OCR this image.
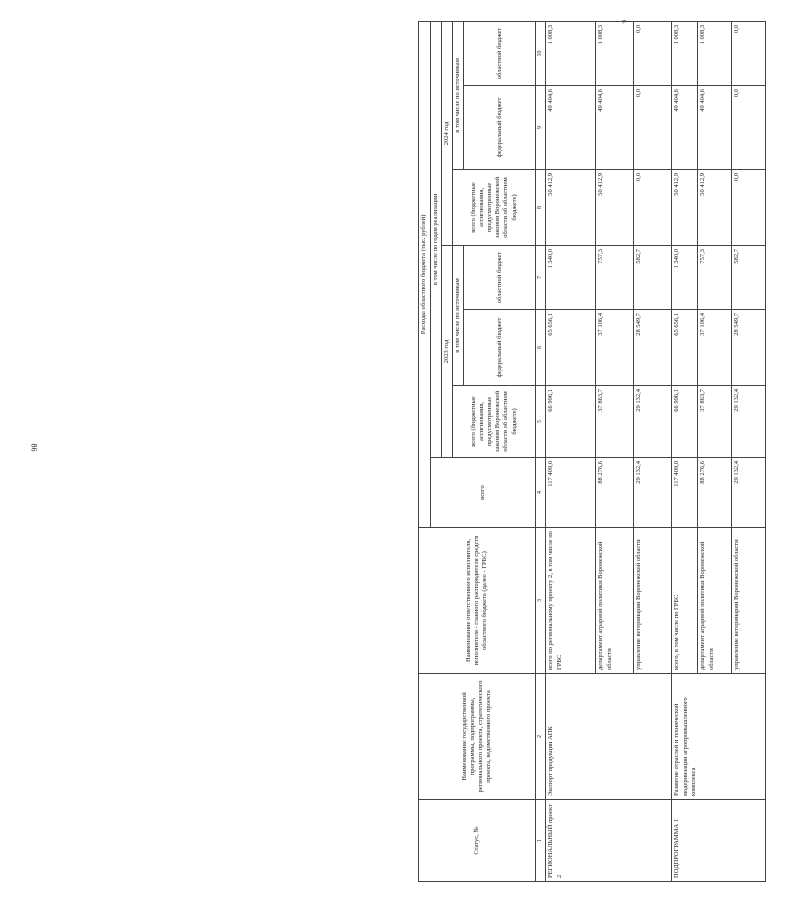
86
в.
Статус, №	Наименование государственной программы, подпрограммы, регионального проекта, стратегического проекта, ведомственного проекта	Наименование ответственного исполнителя, исполнителя - главного распорядителя средств областного бюджета (далее - ГРБС)	Расходы областного бюджета (тыс. рублей)						
			всего	в том числе по годам реализации					
				2023 год			2024 год		
				всего (бюджетные ассигнования, предусмотренные законом Воронежской области об областном бюджете)	в том числе по источникам		всего (бюджетные ассигнования, предусмотренные законом Воронежской области об областном бюджете)	в том числе по источникам	
					федеральный бюджет	областной бюджет		федеральный бюджет	областной бюджет
1	2	3	4	5	6	7	8	9	10
РЕГИОНАЛЬНЫЙ проект 2	Экспорт продукции АПК	всего по региональному проекту 2, в том числе по ГРБС	117 409,0	66 996,1	65 656,1	1 340,0	50 412,9	49 404,6	1 008,3
		департамент аграрной политики Воронежской области	88 276,6	37 863,7	37 106,4	757,3	50 412,9	49 404,6	1 008,3
		управление ветеринарии Воронежской области	29 132,4	29 132,4	28 549,7	582,7	0,0	0,0	0,0
ПОДПРОГРАММА 1	Развитие отраслей и технической модернизации агропромышленного комплекса	всего, в том числе по ГРБС	117 409,0	66 996,1	65 656,1	1 340,0	50 412,9	49 404,6	1 008,3
		департамент аграрной политики Воронежской области	88 276,6	37 863,7	37 106,4	757,3	50 412,9	49 404,6	1 008,3
		управление ветеринарии Воронежской области	29 132,4	29 132,4	28 549,7	582,7	0,0	0,0	0,0
